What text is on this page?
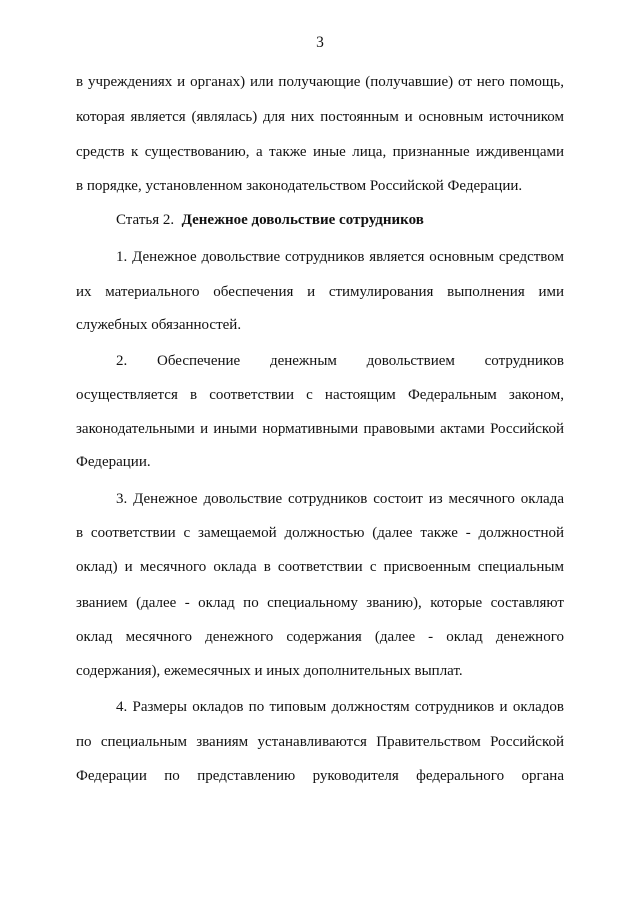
3
в учреждениях и органах) или получающие (получавшие) от него помощь,
которая является (являлась) для них постоянным и основным источником
средств к существованию, а также иные лица, признанные иждивенцами
в порядке, установленном законодательством Российской Федерации.
Статья 2. Денежное довольствие сотрудников
1. Денежное довольствие сотрудников является основным средством
их материального обеспечения и стимулирования выполнения ими
служебных обязанностей.
2. Обеспечение денежным довольствием сотрудников
осуществляется в соответствии с настоящим Федеральным законом,
законодательными и иными нормативными правовыми актами Российской
Федерации.
3. Денежное довольствие сотрудников состоит из месячного оклада
в соответствии с замещаемой должностью (далее также - должностной
оклад) и месячного оклада в соответствии с присвоенным специальным
званием (далее - оклад по специальному званию), которые составляют
оклад месячного денежного содержания (далее - оклад денежного
содержания), ежемесячных и иных дополнительных выплат.
4. Размеры окладов по типовым должностям сотрудников и окладов
по специальным званиям устанавливаются Правительством Российской
Федерации по представлению руководителя федерального органа
